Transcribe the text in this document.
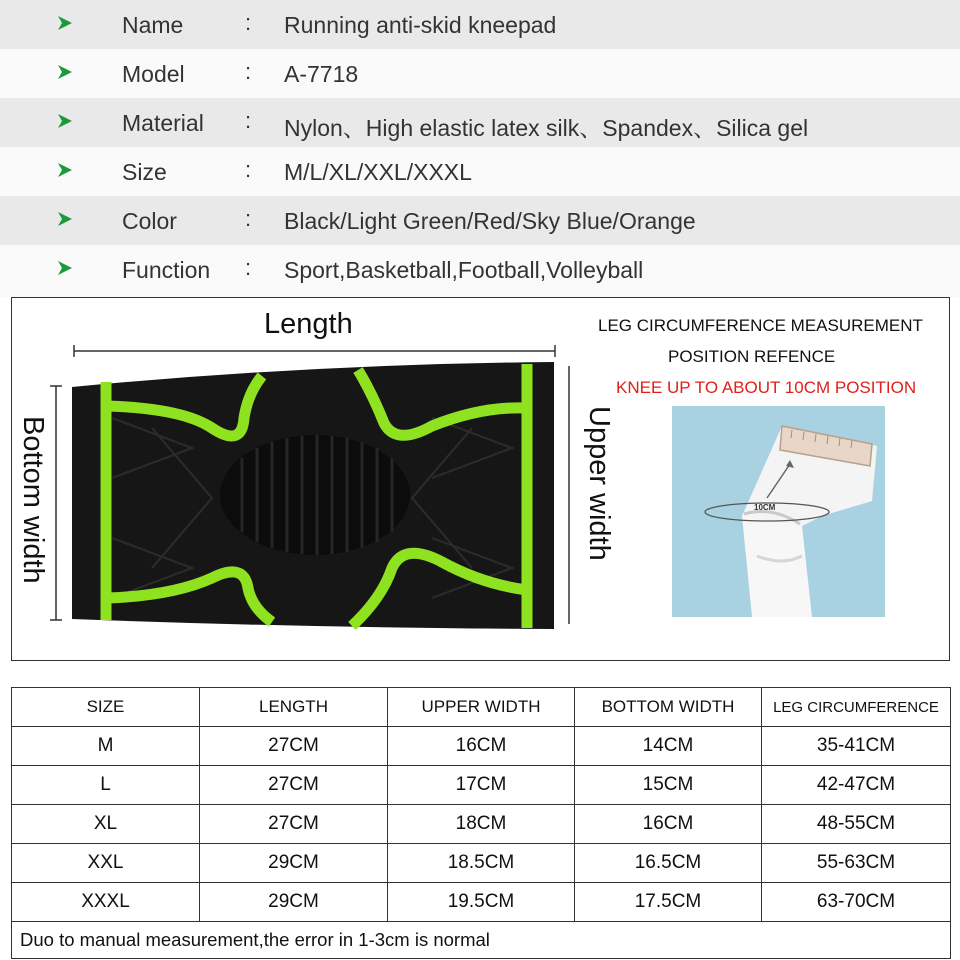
Name	: Running anti-skid kneepad
Model	: A-7718
Material : Nylon、High elastic latex silk、Spandex、Silica gel
Size	: M/L/XL/XXL/XXXL
Color	: Black/Light Green/Red/Sky Blue/Orange
Function : Sport,Basketball,Football,Volleyball
Length
Bottom width	Upper width
LEG CIRCUMFERENCE MEASUREMENT
POSITION REFENCE
KNEE UP TO ABOUT 10CM POSITION
10CM
SIZE	LENGTH	UPPER WIDTH	BOTTOM WIDTH	LEG CIRCUMFERENCE
M	27CM	16CM	14CM	35-41CM
L	27CM	17CM	15CM	42-47CM
XL	27CM	18CM	16CM	48-55CM
XXL	29CM	18.5CM	16.5CM	55-63CM
XXXL	29CM	19.5CM	17.5CM	63-70CM
Duo to manual measurement,the error in 1-3cm is normal				
